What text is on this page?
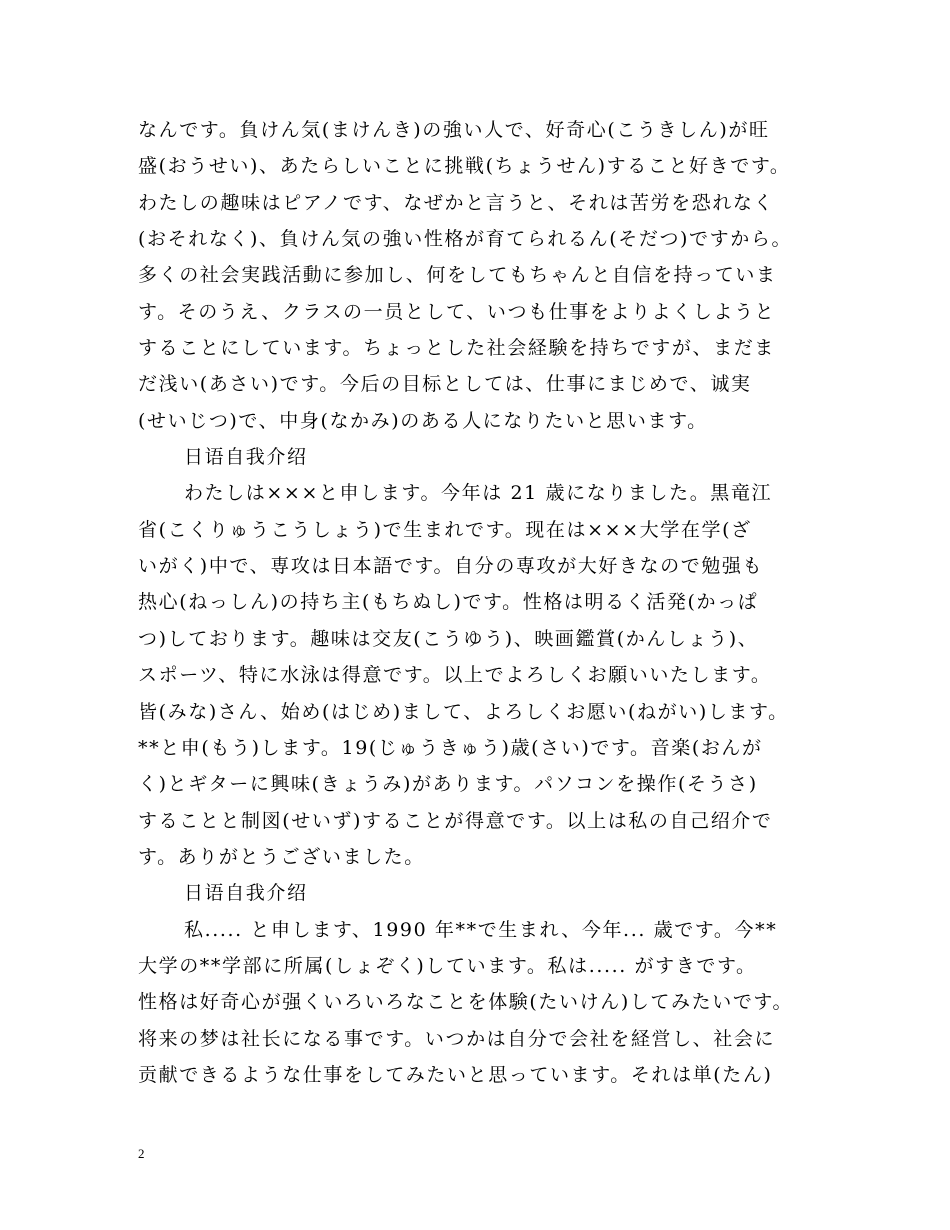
なんです。負けん気(まけんき)の強い人で、好奇心(こうきしん)が旺
盛(おうせい)、あたらしいことに挑戦(ちょうせん)すること好きです。
わたしの趣味はピアノです、なぜかと言うと、それは苦労を恐れなく
(おそれなく)、負けん気の強い性格が育てられるん(そだつ)ですから。
多くの社会実践活動に参加し、何をしてもちゃんと自信を持っていま
す。そのうえ、クラスの一员として、いつも仕事をよりよくしようと
することにしています。ちょっとした社会経験を持ちですが、まだま
だ浅い(あさい)です。今后の目标としては、仕事にまじめで、诚実
(せいじつ)で、中身(なかみ)のある人になりたいと思います。
日语自我介绍
わたしは×××と申します。今年は 21 歳になりました。黒竜江
省(こくりゅうこうしょう)で生まれです。现在は×××大学在学(ざ
いがく)中で、専攻は日本語です。自分の専攻が大好きなので勉强も
热心(ねっしん)の持ち主(もちぬし)です。性格は明るく活発(かっぱ
つ)しております。趣味は交友(こうゆう)、映画鑑賞(かんしょう)、
スポーツ、特に水泳は得意です。以上でよろしくお願いいたします。
皆(みな)さん、始め(はじめ)まして、よろしくお愿い(ねがい)します。
**と申(もう)します。19(じゅうきゅう)歳(さい)です。音楽(おんが
く)とギターに興味(きょうみ)があります。パソコンを操作(そうさ)
することと制図(せいず)することが得意です。以上は私の自己绍介で
す。ありがとうございました。
日语自我介绍
私..... と申します、1990 年**で生まれ、今年... 歳です。今**
大学の**学部に所属(しょぞく)しています。私は..... がすきです。
性格は好奇心が强くいろいろなことを体験(たいけん)してみたいです。
将来の梦は社长になる事です。いつかは自分で会社を経営し、社会に
贡献できるような仕事をしてみたいと思っています。それは単(たん)
2
